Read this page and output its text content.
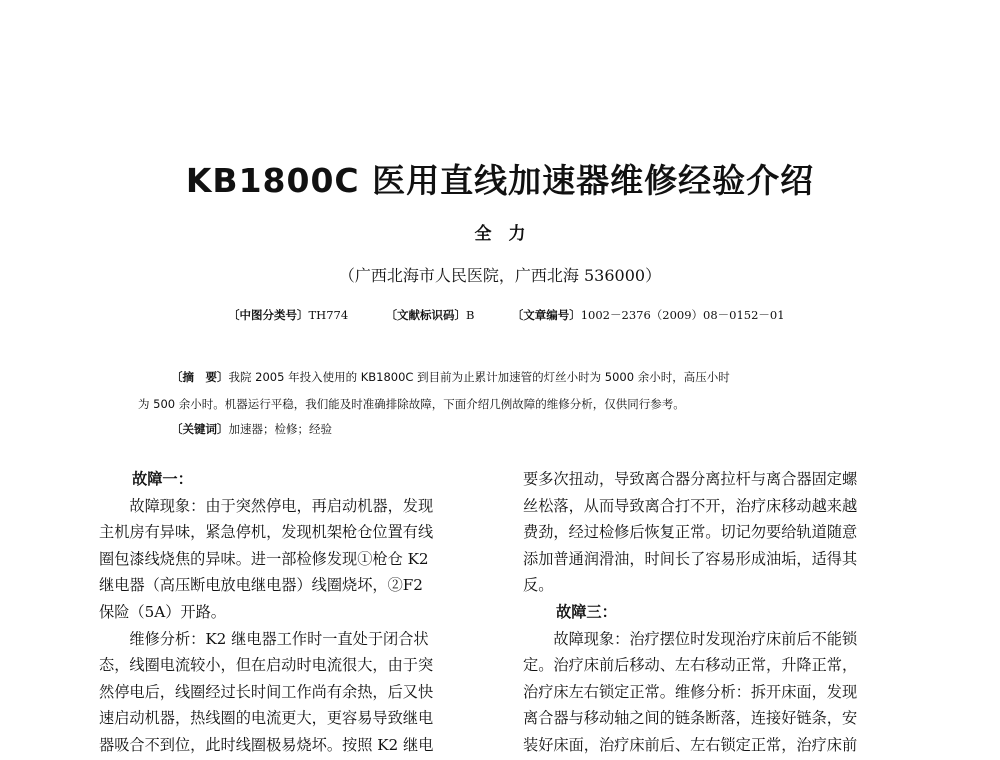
KB1800C 医用直线加速器维修经验介绍
全　力
（广西北海市人民医院，广西北海 536000）
〔中图分类号〕TH774	〔文献标识码〕B	〔文章编号〕1002－2376（2009）08－0152－01
〔摘　要〕我院 2005 年投入使用的 KB1800C 到目前为止累计加速管的灯丝小时为 5000 余小时，高压小时
为 500 余小时。机器运行平稳，我们能及时准确排除故障，下面介绍几例故障的维修分析，仅供同行参考。
〔关键词〕加速器；检修；经验
故障一：
　　故障现象：由于突然停电，再启动机器，发现
主机房有异味，紧急停机，发现机架枪仓位置有线
圈包漆线烧焦的异味。进一部检修发现①枪仓 K2
继电器（高压断电放电继电器）线圈烧坏，②F2
保险（5A）开路。
　　维修分析：K2 继电器工作时一直处于闭合状
态，线圈电流较小，但在启动时电流很大，由于突
然停电后，线圈经过长时间工作尚有余热，后又快
速启动机器，热线圈的电流更大，更容易导致继电
器吸合不到位，此时线圈极易烧坏。按照 K2 继电
要多次扭动，导致离合器分离拉杆与离合器固定螺
丝松落，从而导致离合打不开，治疗床移动越来越
费劲，经过检修后恢复正常。切记勿要给轨道随意
添加普通润滑油，时间长了容易形成油垢，适得其
反。
故障三：
　　故障现象：治疗摆位时发现治疗床前后不能锁
定。治疗床前后移动、左右移动正常，升降正常，
治疗床左右锁定正常。维修分析：拆开床面，发现
离合器与移动轴之间的链条断落，连接好链条，安
装好床面，治疗床前后、左右锁定正常，治疗床前
